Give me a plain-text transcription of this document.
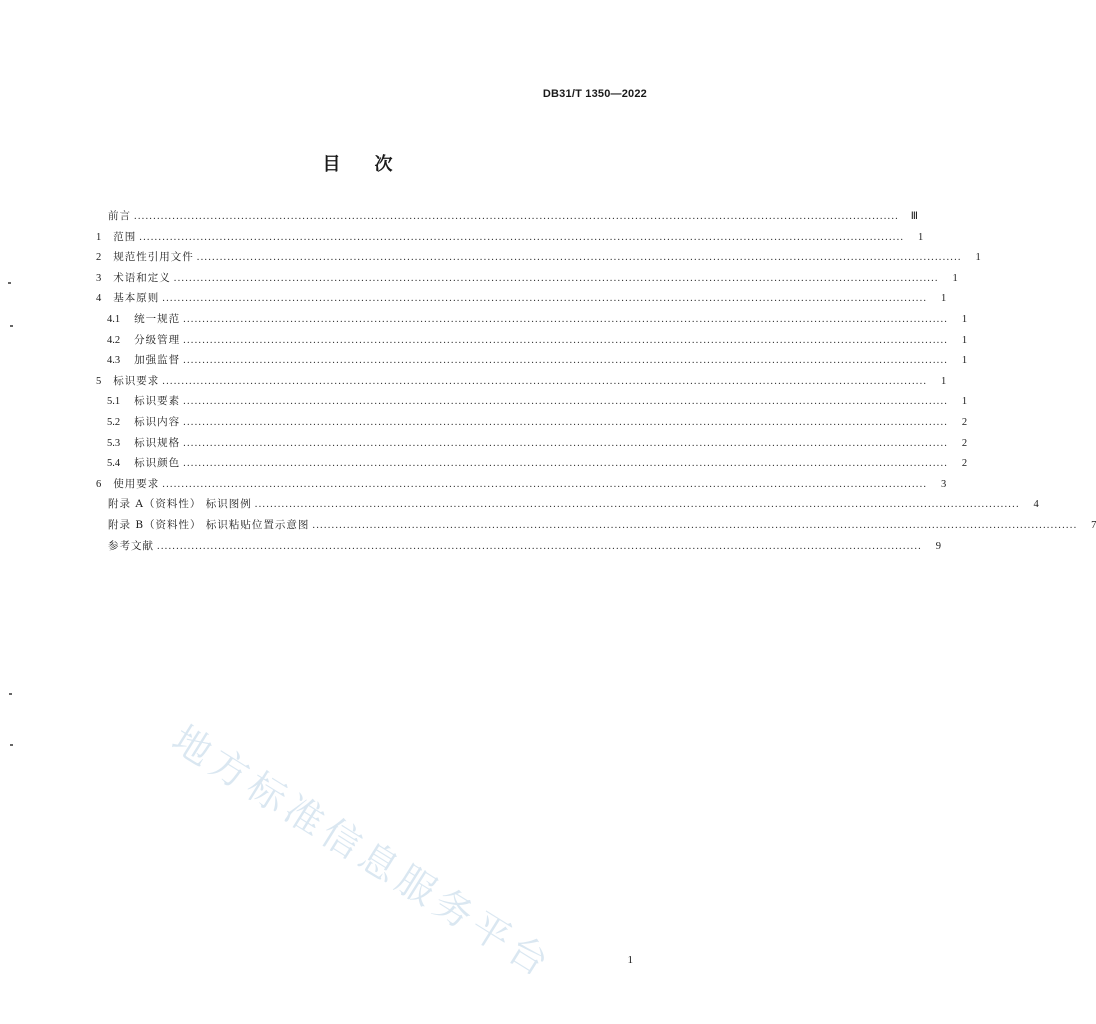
DB31/T 1350—2022
目次
前言 ........................................................................................................................................................................................................	Ⅲ
1 范围 ........................................................................................................................................................................................................	1
2 规范性引用文件 ........................................................................................................................................................................................................	1
3 术语和定义 ........................................................................................................................................................................................................	1
4 基本原则 ........................................................................................................................................................................................................	1
4.1 统一规范 ........................................................................................................................................................................................................	1
4.2 分级管理 ........................................................................................................................................................................................................	1
4.3 加强监督 ........................................................................................................................................................................................................	1
5 标识要求 ........................................................................................................................................................................................................	1
5.1 标识要素 ........................................................................................................................................................................................................	1
5.2 标识内容 ........................................................................................................................................................................................................	2
5.3 标识规格 ........................................................................................................................................................................................................	2
5.4 标识颜色 ........................................................................................................................................................................................................	2
6 使用要求 ........................................................................................................................................................................................................	3
附录 A（资料性） 标识图例 ........................................................................................................................................................................................................	4
附录 B（资料性） 标识粘贴位置示意图 ........................................................................................................................................................................................................	7
参考文献 ........................................................................................................................................................................................................	9
地方标准信息服务平台	1
